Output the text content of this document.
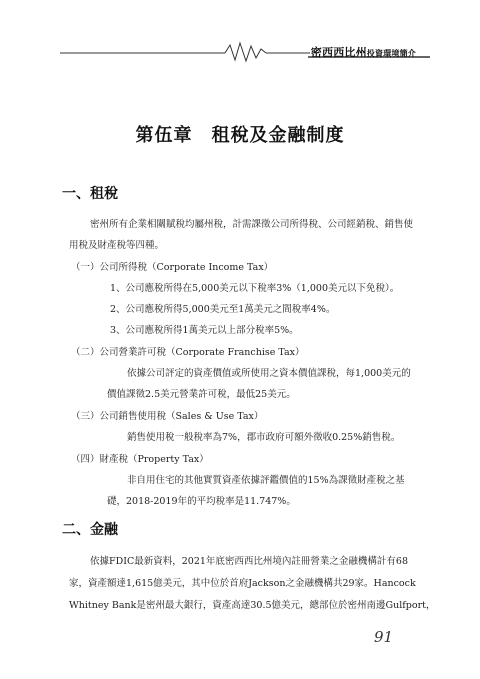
密西西比州投資環境簡介
第伍章　租稅及金融制度
一、租稅
密州所有企業相關賦稅均屬州稅，計需課徵公司所得稅、公司經銷稅、銷售使
用稅及財產稅等四種。
（一）公司所得稅（Corporate Income Tax）
1、公司應稅所得在5,000美元以下稅率3%（1,000美元以下免稅）。
2、公司應稅所得5,000美元至1萬美元之間稅率4%。
3、公司應稅所得1萬美元以上部分稅率5%。
（二）公司營業許可稅（Corporate Franchise Tax）
依據公司評定的資產價值或所使用之資本價值課稅，每1,000美元的
價值課徵2.5美元營業許可稅，最低25美元。
（三）公司銷售使用稅（Sales & Use Tax）
銷售使用稅一般稅率為7%，郡市政府可額外徵收0.25%銷售稅。
（四）財產稅（Property Tax）
非自用住宅的其他實質資產依據評鑑價值的15%為課徵財產稅之基
礎，2018-2019年的平均稅率是11.747%。
二、金融
依據FDIC最新資料，2021年底密西西比州境內註冊營業之金融機構計有68
家，資產額達1,615億美元，其中位於首府Jackson之金融機構共29家。Hancock
Whitney Bank是密州最大銀行，資產高達30.5億美元，總部位於密州南邊Gulfport，
91
